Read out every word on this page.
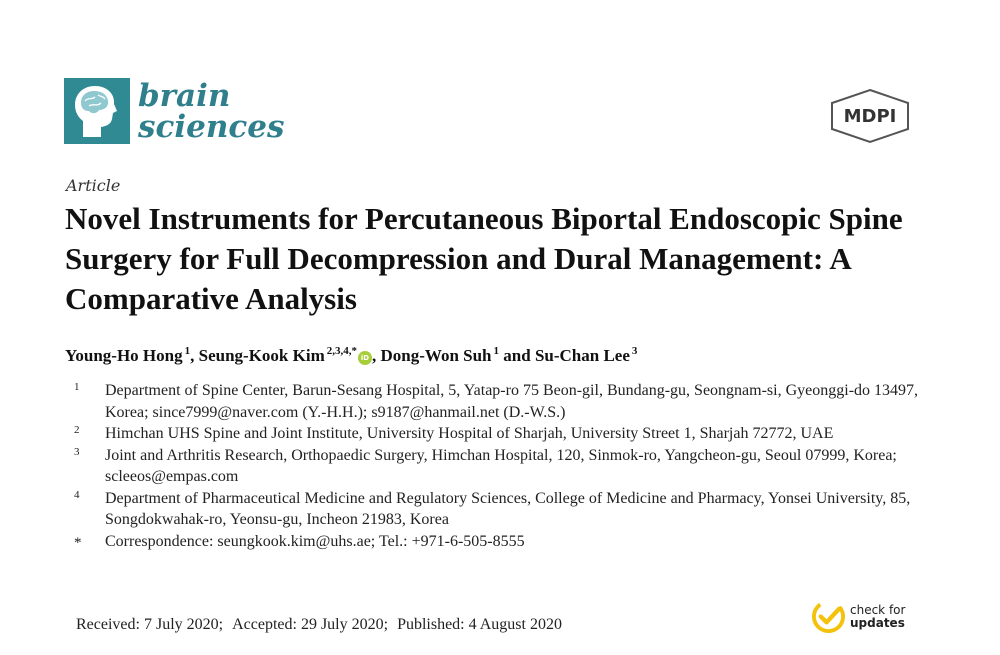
brain
sciences	MDPI
Article
Novel Instruments for Percutaneous Biportal Endoscopic Spine Surgery for Full Decompression and Dural Management: A Comparative Analysis
Young-Ho Hong $^1$, Seung-Kook Kim $^{2,3,4,*}$iD , Dong-Won Suh $^1$ and Su-Chan Lee $^3$
1	Department of Spine Center, Barun-Sesang Hospital, 5, Yatap-ro 75 Beon-gil, Bundang-gu, Seongnam-si, Gyeonggi-do 13497, Korea; since7999@naver.com (Y.-H.H.); s9187@hanmail.net (D.-W.S.)
2	Himchan UHS Spine and Joint Institute, University Hospital of Sharjah, University Street 1, Sharjah 72772, UAE
3	Joint and Arthritis Research, Orthopaedic Surgery, Himchan Hospital, 120, Sinmok-ro, Yangcheon-gu, Seoul 07999, Korea; scleeos@empas.com
4	Department of Pharmaceutical Medicine and Regulatory Sciences, College of Medicine and Pharmacy, Yonsei University, 85, Songdokwahak-ro, Yeonsu-gu, Incheon 21983, Korea
*	Correspondence: seungkook.kim@uhs.ae; Tel.: +971-6-505-8555
Received: 7 July 2020; Accepted: 29 July 2020; Published: 4 August 2020
check for
updates
